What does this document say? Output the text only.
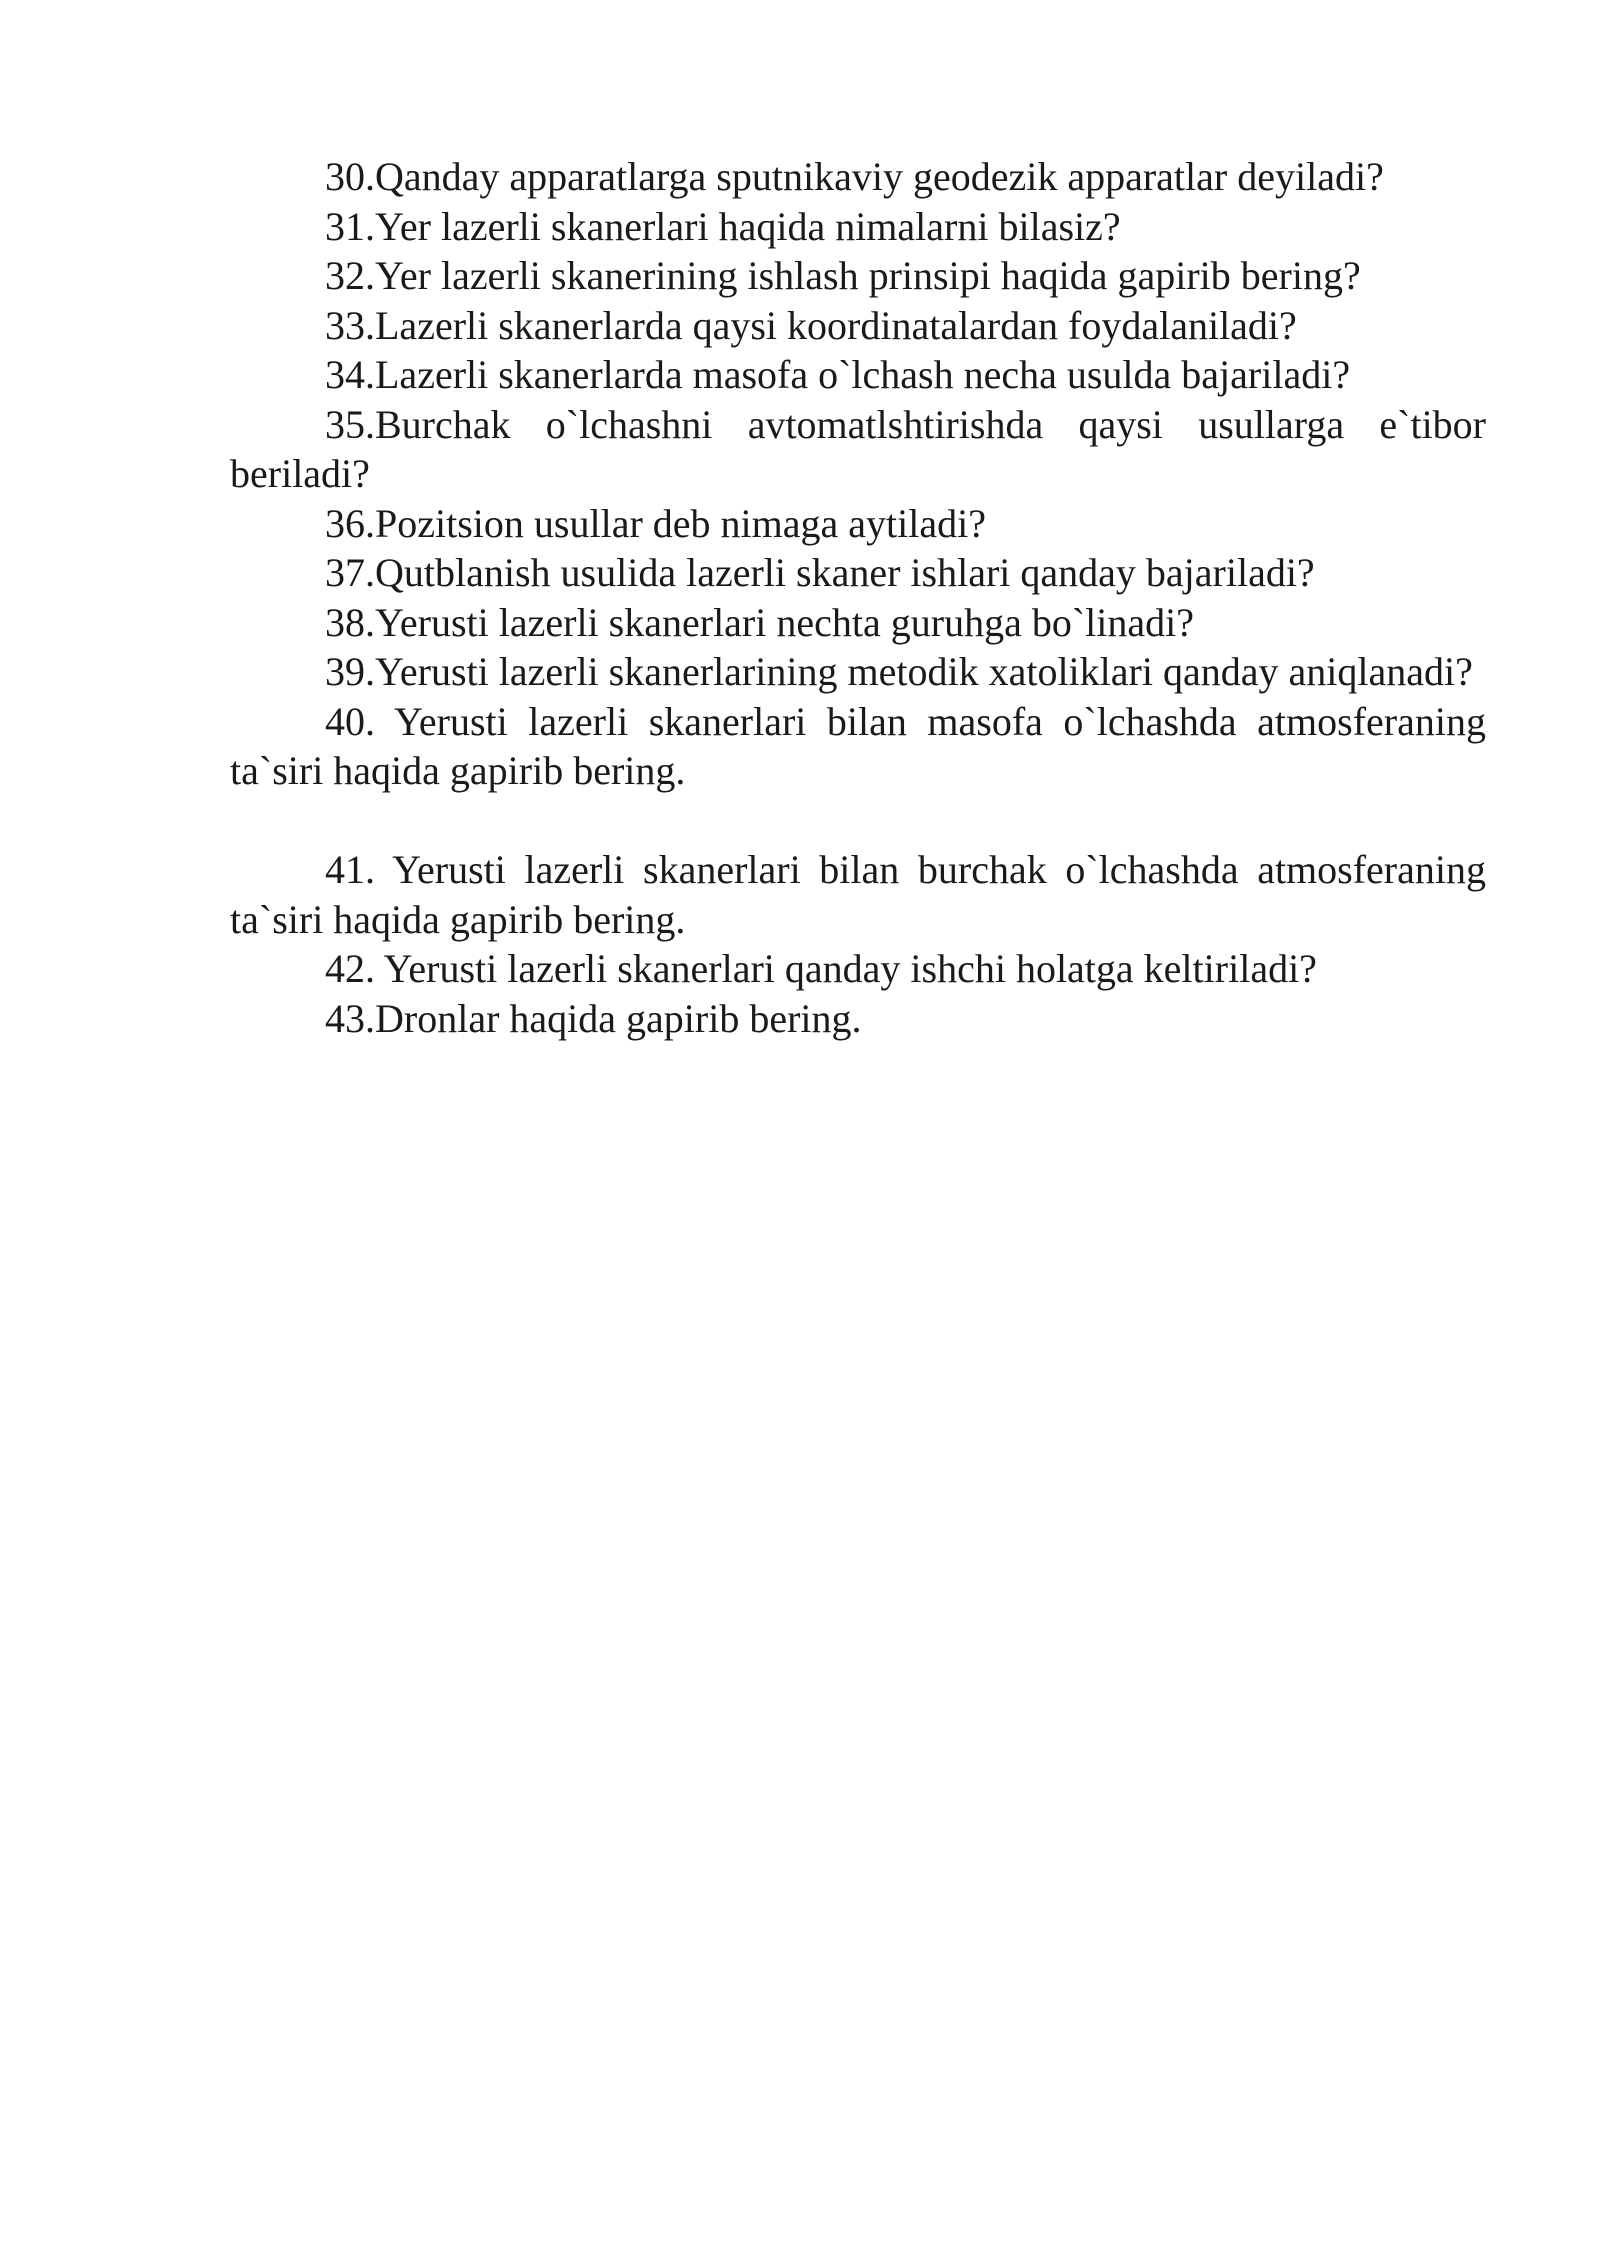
30.Qanday apparatlarga sputnikaviy geodezik apparatlar deyiladi?

31.Yer lazerli skanerlari haqida nimalarni bilasiz?

32.Yer lazerli skanerining ishlash prinsipi haqida gapirib bering?

33.Lazerli skanerlarda qaysi koordinatalardan foydalaniladi?

34.Lazerli skanerlarda masofa o`lchash necha usulda bajariladi?

35.Burchak o`lchashni avtomatlshtirishda qaysi usullarga e`tibor beriladi?

36.Pozitsion usullar deb nimaga aytiladi?

37.Qutblanish usulida lazerli skaner ishlari qanday bajariladi?

38.Yerusti lazerli skanerlari nechta guruhga bo`linadi?

39.Yerusti lazerli skanerlarining metodik xatoliklari qanday aniqlanadi?

40. Yerusti lazerli skanerlari bilan masofa o`lchashda atmosferaning ta`siri haqida gapirib bering.

41. Yerusti lazerli skanerlari bilan burchak o`lchashda atmosferaning ta`siri haqida gapirib bering.

42. Yerusti lazerli skanerlari qanday ishchi holatga keltiriladi?

43.Dronlar haqida gapirib bering.
